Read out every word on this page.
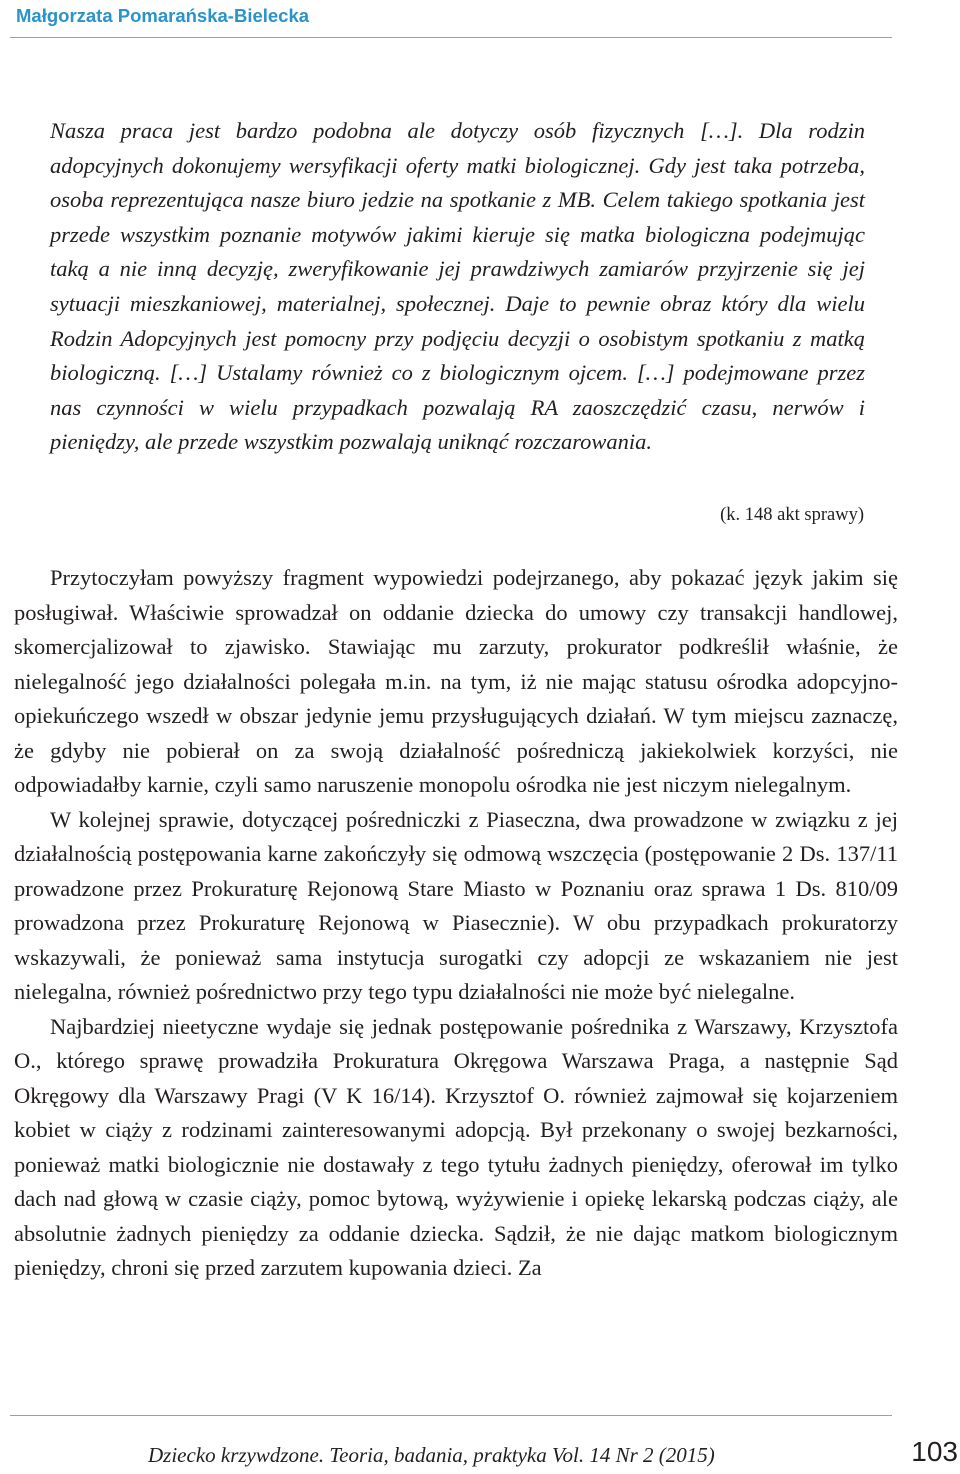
Małgorzata Pomarańska-Bielecka
Nasza praca jest bardzo podobna ale dotyczy osób fizycznych […]. Dla rodzin adopcyjnych dokonujemy wersyfikacji oferty matki biologicznej. Gdy jest taka potrzeba, osoba reprezentująca nasze biuro jedzie na spotkanie z MB. Celem takiego spotkania jest przede wszystkim poznanie motywów jakimi kieruje się matka biologiczna podejmując taką a nie inną decyzję, zweryfikowanie jej prawdziwych zamiarów przyjrzenie się jej sytuacji mieszkaniowej, materialnej, społecznej. Daje to pewnie obraz który dla wielu Rodzin Adopcyjnych jest pomocny przy podjęciu decyzji o osobistym spotkaniu z matką biologiczną. […] Ustalamy również co z biologicznym ojcem. […] podejmowane przez nas czynności w wielu przypadkach pozwalają RA zaoszczędzić czasu, nerwów i pieniędzy, ale przede wszystkim pozwalają uniknąć rozczarowania.
(k. 148 akt sprawy)

Przytoczyłam powyższy fragment wypowiedzi podejrzanego, aby pokazać język jakim się posługiwał. Właściwie sprowadzał on oddanie dziecka do umowy czy transakcji handlowej, skomercjalizował to zjawisko. Stawiając mu zarzuty, prokurator podkreślił właśnie, że nielegalność jego działalności polegała m.in. na tym, iż nie mając statusu ośrodka adopcyjno-opiekuńczego wszedł w obszar jedynie jemu przysługujących działań. W tym miejscu zaznaczę, że gdyby nie pobierał on za swoją działalność pośredniczą jakiekolwiek korzyści, nie odpowiadałby karnie, czyli samo naruszenie monopolu ośrodka nie jest niczym nielegalnym.

W kolejnej sprawie, dotyczącej pośredniczki z Piaseczna, dwa prowadzone w związku z jej działalnością postępowania karne zakończyły się odmową wszczęcia (postępowanie 2 Ds. 137/11 prowadzone przez Prokuraturę Rejonową Stare Miasto w Poznaniu oraz sprawa 1 Ds. 810/09 prowadzona przez Prokuraturę Rejonową w Piasecznie). W obu przypadkach prokuratorzy wskazywali, że ponieważ sama instytucja surogatki czy adopcji ze wskazaniem nie jest nielegalna, również pośrednictwo przy tego typu działalności nie może być nielegalne.

Najbardziej nieetyczne wydaje się jednak postępowanie pośrednika z Warszawy, Krzysztofa O., którego sprawę prowadziła Prokuratura Okręgowa Warszawa Praga, a następnie Sąd Okręgowy dla Warszawy Pragi (V K 16/14). Krzysztof O. również zajmował się kojarzeniem kobiet w ciąży z rodzinami zainteresowanymi adopcją. Był przekonany o swojej bezkarności, ponieważ matki biologicznie nie dostawały z tego tytułu żadnych pieniędzy, oferował im tylko dach nad głową w czasie ciąży, pomoc bytową, wyżywienie i opiekę lekarską podczas ciąży, ale absolutnie żadnych pieniędzy za oddanie dziecka. Sądził, że nie dając matkom biologicznym pieniędzy, chroni się przed zarzutem kupowania dzieci. Za

Dziecko krzywdzone. Teoria, badania, praktyka Vol. 14 Nr 2 (2015)	103
